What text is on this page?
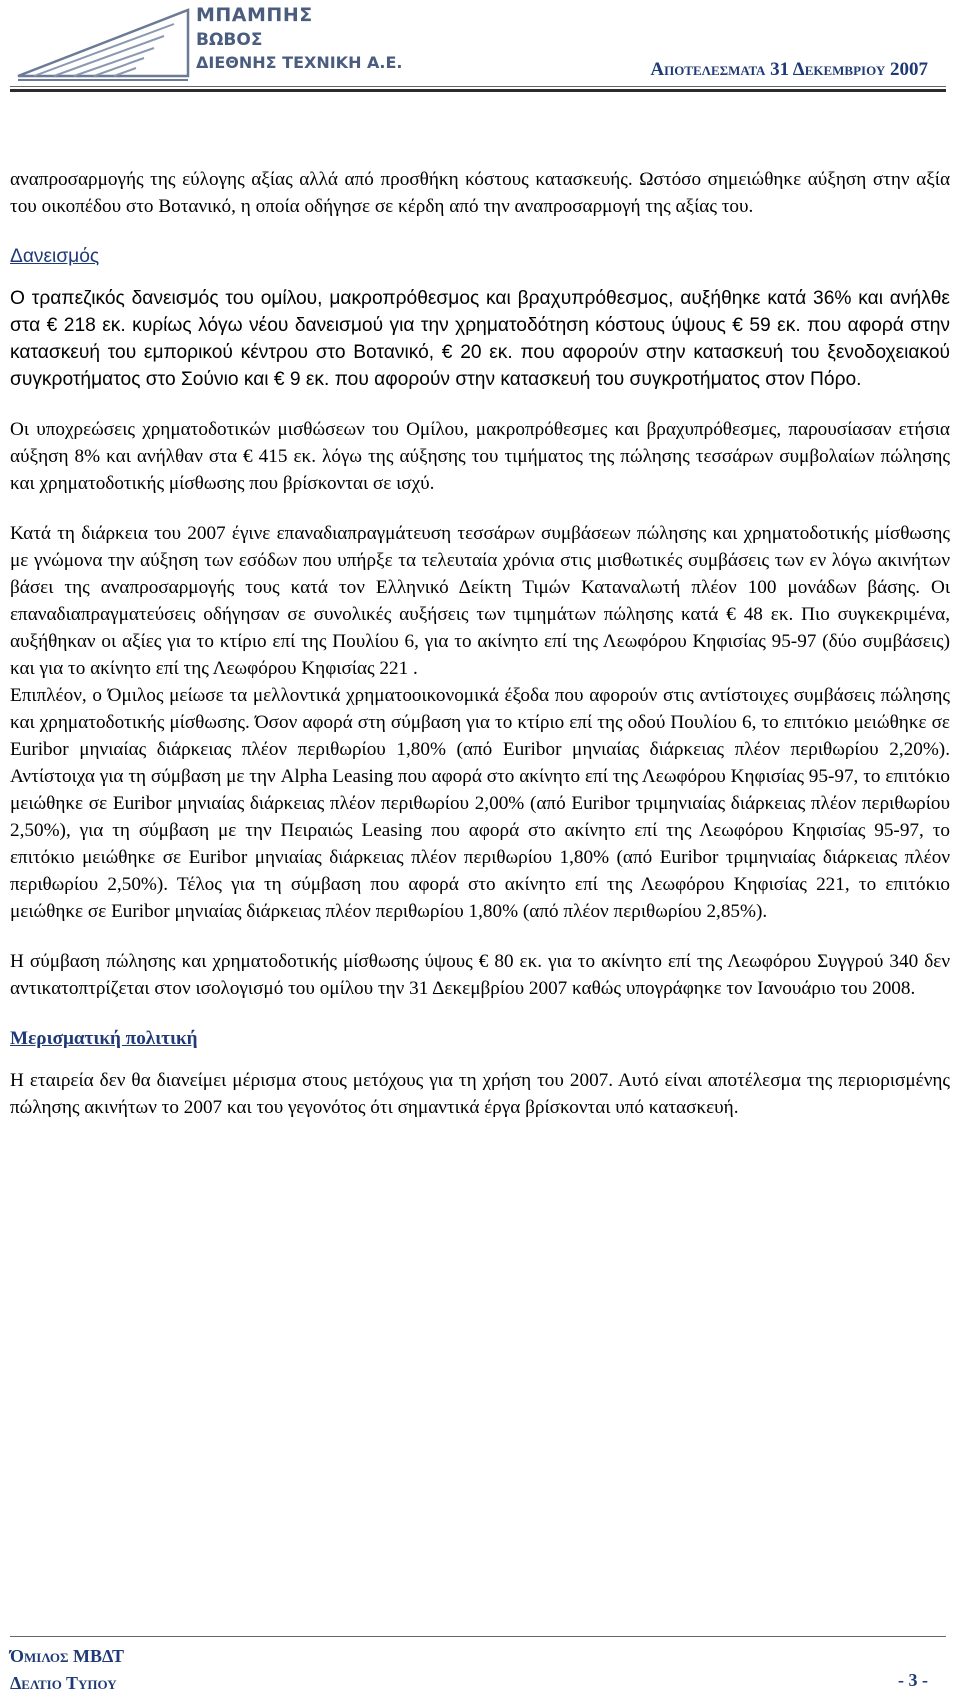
ΜΠΑΜΠΗΣ
ΒΩΒΟΣ
ΔΙΕΘΝΗΣ ΤΕΧΝΙΚΗ Α.Ε.	Αποτελεσματα 31 Δεκεμβριου 2007

αναπροσαρμογής της εύλογης αξίας αλλά από προσθήκη κόστους κατασκευής. Ωστόσο σημειώθηκε αύξηση στην αξία του οικοπέδου στο Βοτανικό, η οποία οδήγησε σε κέρδη από την αναπροσαρμογή της αξίας του.

Δανεισμός

Ο τραπεζικός δανεισμός του ομίλου, μακροπρόθεσμος και βραχυπρόθεσμος, αυξήθηκε κατά 36% και ανήλθε στα € 218 εκ. κυρίως λόγω νέου δανεισμού για την χρηματοδότηση κόστους ύψους € 59 εκ. που αφορά στην κατασκευή του εμπορικού κέντρου στο Βοτανικό, € 20 εκ. που αφορούν στην κατασκευή του ξενοδοχειακού συγκροτήματος στο Σούνιο και € 9 εκ. που αφορούν στην κατασκευή του συγκροτήματος στον Πόρο.

Οι υποχρεώσεις χρηματοδοτικών μισθώσεων του Ομίλου, μακροπρόθεσμες και βραχυπρόθεσμες, παρουσίασαν ετήσια αύξηση 8% και ανήλθαν στα € 415 εκ. λόγω της αύξησης του τιμήματος της πώλησης τεσσάρων συμβολαίων πώλησης και χρηματοδοτικής μίσθωσης που βρίσκονται σε ισχύ.

Κατά τη διάρκεια του 2007 έγινε επαναδιαπραγμάτευση τεσσάρων συμβάσεων πώλησης και χρηματοδοτικής μίσθωσης με γνώμονα την αύξηση των εσόδων που υπήρξε τα τελευταία χρόνια στις μισθωτικές συμβάσεις των εν λόγω ακινήτων βάσει της αναπροσαρμογής τους κατά τον Ελληνικό Δείκτη Τιμών Καταναλωτή πλέον 100 μονάδων βάσης. Οι επαναδιαπραγματεύσεις οδήγησαν σε συνολικές αυξήσεις των τιμημάτων πώλησης κατά € 48 εκ. Πιο συγκεκριμένα, αυξήθηκαν οι αξίες για το κτίριο επί της Πουλίου 6, για το ακίνητο επί της Λεωφόρου Κηφισίας 95-97 (δύο συμβάσεις) και για το ακίνητο επί της Λεωφόρου Κηφισίας 221 .

Επιπλέον, ο Όμιλος μείωσε τα μελλοντικά χρηματοοικονομικά έξοδα που αφορούν στις αντίστοιχες συμβάσεις πώλησης και χρηματοδοτικής μίσθωσης. Όσον αφορά στη σύμβαση για το κτίριο επί της οδού Πουλίου 6, το επιτόκιο μειώθηκε σε Euribor μηνιαίας διάρκειας πλέον περιθωρίου 1,80% (από Euribor μηνιαίας διάρκειας πλέον περιθωρίου 2,20%). Αντίστοιχα για τη σύμβαση με την Alpha Leasing που αφορά στο ακίνητο επί της Λεωφόρου Κηφισίας 95-97, το επιτόκιο μειώθηκε σε Euribor μηνιαίας διάρκειας πλέον περιθωρίου 2,00% (από Euribor τριμηνιαίας διάρκειας πλέον περιθωρίου 2,50%), για τη σύμβαση με την Πειραιώς Leasing που αφορά στο ακίνητο επί της Λεωφόρου Κηφισίας 95-97, το επιτόκιο μειώθηκε σε Euribor μηνιαίας διάρκειας πλέον περιθωρίου 1,80% (από Euribor τριμηνιαίας διάρκειας πλέον περιθωρίου 2,50%). Τέλος για τη σύμβαση που αφορά στο ακίνητο επί της Λεωφόρου Κηφισίας 221, το επιτόκιο μειώθηκε σε Euribor μηνιαίας διάρκειας πλέον περιθωρίου 1,80% (από πλέον περιθωρίου 2,85%).

Η σύμβαση πώλησης και χρηματοδοτικής μίσθωσης ύψους € 80 εκ. για το ακίνητο επί της Λεωφόρου Συγγρού 340 δεν αντικατοπτρίζεται στον ισολογισμό του ομίλου την 31 Δεκεμβρίου 2007 καθώς υπογράφηκε τον Ιανουάριο του 2008.

Μερισματική πολιτική

Η εταιρεία δεν θα διανείμει μέρισμα στους μετόχους για τη χρήση του 2007. Αυτό είναι αποτέλεσμα της περιορισμένης πώλησης ακινήτων το 2007 και του γεγονότος ότι σημαντικά έργα βρίσκονται υπό κατασκευή.

Όμιλος ΜΒΔΤ
Δελτιο Τυπου	- 3 -
